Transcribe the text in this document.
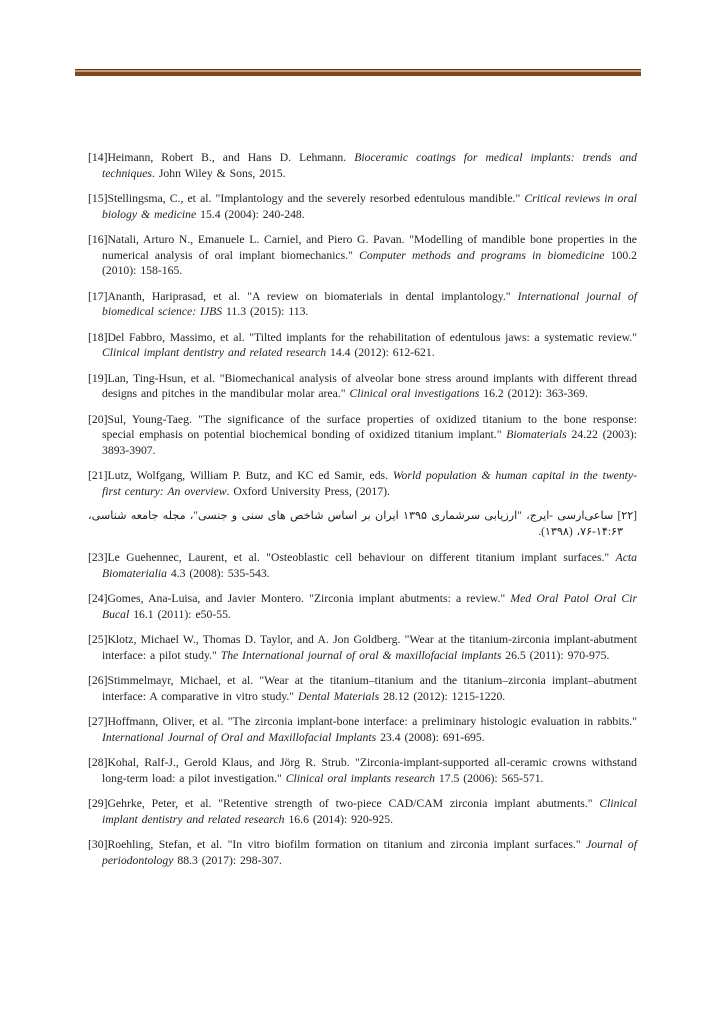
[14]Heimann, Robert B., and Hans D. Lehmann. Bioceramic coatings for medical implants: trends and techniques. John Wiley & Sons, 2015.

[15]Stellingsma, C., et al. "Implantology and the severely resorbed edentulous mandible." Critical reviews in oral biology & medicine 15.4 (2004): 240-248.

[16]Natali, Arturo N., Emanuele L. Carniel, and Piero G. Pavan. "Modelling of mandible bone properties in the numerical analysis of oral implant biomechanics." Computer methods and programs in biomedicine 100.2 (2010): 158-165.

[17]Ananth, Hariprasad, et al. "A review on biomaterials in dental implantology." International journal of biomedical science: IJBS 11.3 (2015): 113.

[18]Del Fabbro, Massimo, et al. "Tilted implants for the rehabilitation of edentulous jaws: a systematic review." Clinical implant dentistry and related research 14.4 (2012): 612-621.

[19]Lan, Ting-Hsun, et al. "Biomechanical analysis of alveolar bone stress around implants with different thread designs and pitches in the mandibular molar area." Clinical oral investigations 16.2 (2012): 363-369.

[20]Sul, Young-Taeg. "The significance of the surface properties of oxidized titanium to the bone response: special emphasis on potential biochemical bonding of oxidized titanium implant." Biomaterials 24.22 (2003): 3893-3907.

[21]Lutz, Wolfgang, William P. Butz, and KC ed Samir, eds. World population & human capital in the twenty-first century: An overview. Oxford University Press, (2017).

[۲۲] ساعی‌ارسی -ایرج، "ارزیابی سرشماری ۱۳۹۵ ایران بر اساس شاخص های سنی و جنسی"، مجله جامعه شناسی، ۱۴:۶۳-۷۶، (۱۳۹۸).

[23]Le Guehennec, Laurent, et al. "Osteoblastic cell behaviour on different titanium implant surfaces." Acta Biomaterialia 4.3 (2008): 535-543.

[24]Gomes, Ana-Luisa, and Javier Montero. "Zirconia implant abutments: a review." Med Oral Patol Oral Cir Bucal 16.1 (2011): e50-55.

[25]Klotz, Michael W., Thomas D. Taylor, and A. Jon Goldberg. "Wear at the titanium-zirconia implant-abutment interface: a pilot study." The International journal of oral & maxillofacial implants 26.5 (2011): 970-975.

[26]Stimmelmayr, Michael, et al. "Wear at the titanium–titanium and the titanium–zirconia implant–abutment interface: A comparative in vitro study." Dental Materials 28.12 (2012): 1215-1220.

[27]Hoffmann, Oliver, et al. "The zirconia implant-bone interface: a preliminary histologic evaluation in rabbits." International Journal of Oral and Maxillofacial Implants 23.4 (2008): 691-695.

[28]Kohal, Ralf-J., Gerold Klaus, and Jörg R. Strub. "Zirconia-implant-supported all-ceramic crowns withstand long-term load: a pilot investigation." Clinical oral implants research 17.5 (2006): 565-571.

[29]Gehrke, Peter, et al. "Retentive strength of two-piece CAD/CAM zirconia implant abutments." Clinical implant dentistry and related research 16.6 (2014): 920-925.

[30]Roehling, Stefan, et al. "In vitro biofilm formation on titanium and zirconia implant surfaces." Journal of periodontology 88.3 (2017): 298-307.
